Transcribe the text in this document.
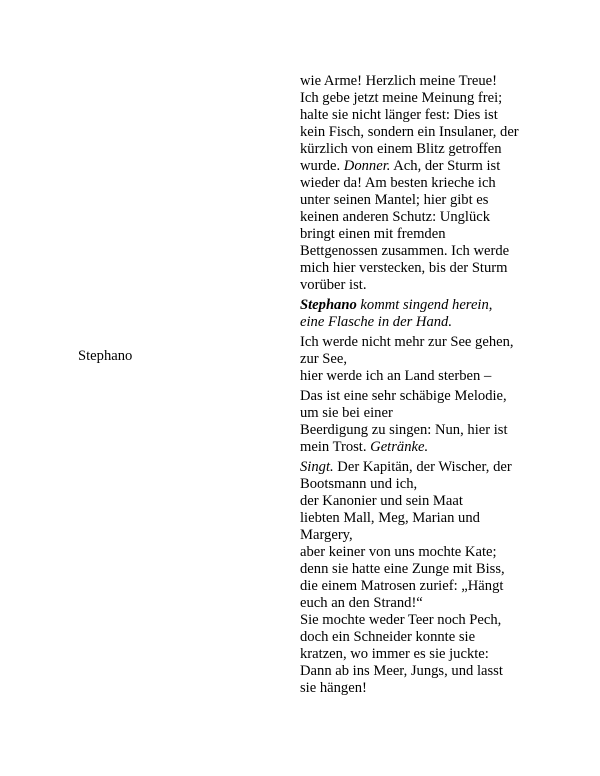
Stephano

wie Arme! Herzlich meine Treue!
Ich gebe jetzt meine Meinung frei;
halte sie nicht länger fest: Dies ist
kein Fisch, sondern ein Insulaner, der
kürzlich von einem Blitz getroffen
wurde. Donner. Ach, der Sturm ist
wieder da! Am besten krieche ich
unter seinen Mantel; hier gibt es
keinen anderen Schutz: Unglück
bringt einen mit fremden
Bettgenossen zusammen. Ich werde
mich hier verstecken, bis der Sturm
vorüber ist.

Stephano kommt singend herein,
eine Flasche in der Hand.

Ich werde nicht mehr zur See gehen,
zur See,
hier werde ich an Land sterben –

Das ist eine sehr schäbige Melodie,
um sie bei einer
Beerdigung zu singen: Nun, hier ist
mein Trost. Getränke.

Singt. Der Kapitän, der Wischer, der
Bootsmann und ich,
der Kanonier und sein Maat
liebten Mall, Meg, Marian und
Margery,
aber keiner von uns mochte Kate;
denn sie hatte eine Zunge mit Biss,
die einem Matrosen zurief: „Hängt
euch an den Strand!“
Sie mochte weder Teer noch Pech,
doch ein Schneider konnte sie
kratzen, wo immer es sie juckte:
Dann ab ins Meer, Jungs, und lasst
sie hängen!
